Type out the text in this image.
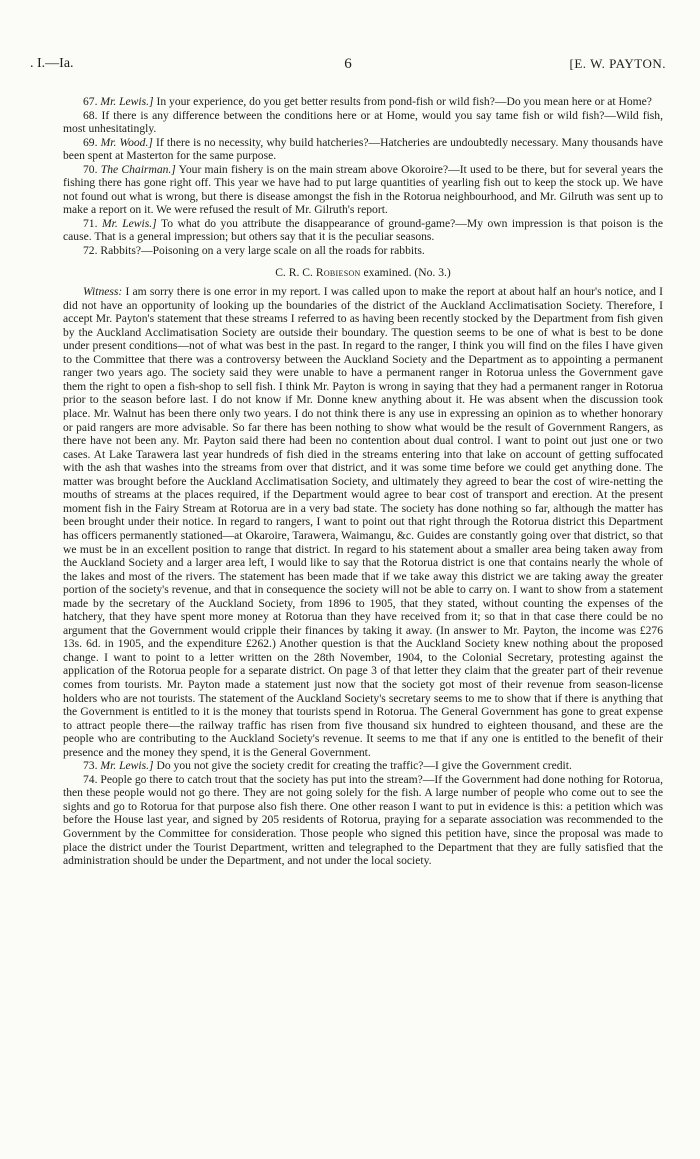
. I.—Ia.	6	[E. W. PAYTON.

67. Mr. Lewis.] In your experience, do you get better results from pond-fish or wild fish?—Do you mean here or at Home?

68. If there is any difference between the conditions here or at Home, would you say tame fish or wild fish?—Wild fish, most unhesitatingly.

69. Mr. Wood.] If there is no necessity, why build hatcheries?—Hatcheries are undoubtedly necessary. Many thousands have been spent at Masterton for the same purpose.

70. The Chairman.] Your main fishery is on the main stream above Okoroire?—It used to be there, but for several years the fishing there has gone right off. This year we have had to put large quantities of yearling fish out to keep the stock up. We have not found out what is wrong, but there is disease amongst the fish in the Rotorua neighbourhood, and Mr. Gilruth was sent up to make a report on it. We were refused the result of Mr. Gilruth's report.

71. Mr. Lewis.] To what do you attribute the disappearance of ground-game?—My own impression is that poison is the cause. That is a general impression; but others say that it is the peculiar seasons.

72. Rabbits?—Poisoning on a very large scale on all the roads for rabbits.

C. R. C. Robieson examined. (No. 3.)

Witness: I am sorry there is one error in my report. I was called upon to make the report at about half an hour's notice, and I did not have an opportunity of looking up the boundaries of the district of the Auckland Acclimatisation Society. Therefore, I accept Mr. Payton's statement that these streams I referred to as having been recently stocked by the Department from fish given by the Auckland Acclimatisation Society are outside their boundary. The question seems to be one of what is best to be done under present conditions—not of what was best in the past. In regard to the ranger, I think you will find on the files I have given to the Committee that there was a controversy between the Auckland Society and the Department as to appointing a permanent ranger two years ago. The society said they were unable to have a permanent ranger in Rotorua unless the Government gave them the right to open a fish-shop to sell fish. I think Mr. Payton is wrong in saying that they had a permanent ranger in Rotorua prior to the season before last. I do not know if Mr. Donne knew anything about it. He was absent when the discussion took place. Mr. Walnut has been there only two years. I do not think there is any use in expressing an opinion as to whether honorary or paid rangers are more advisable. So far there has been nothing to show what would be the result of Government Rangers, as there have not been any. Mr. Payton said there had been no contention about dual control. I want to point out just one or two cases. At Lake Tarawera last year hundreds of fish died in the streams entering into that lake on account of getting suffocated with the ash that washes into the streams from over that district, and it was some time before we could get anything done. The matter was brought before the Auckland Acclimatisation Society, and ultimately they agreed to bear the cost of wire-netting the mouths of streams at the places required, if the Department would agree to bear cost of transport and erection. At the present moment fish in the Fairy Stream at Rotorua are in a very bad state. The society has done nothing so far, although the matter has been brought under their notice. In regard to rangers, I want to point out that right through the Rotorua district this Department has officers permanently stationed—at Okaroire, Tarawera, Waimangu, &c. Guides are constantly going over that district, so that we must be in an excellent position to range that district. In regard to his statement about a smaller area being taken away from the Auckland Society and a larger area left, I would like to say that the Rotorua district is one that contains nearly the whole of the lakes and most of the rivers. The statement has been made that if we take away this district we are taking away the greater portion of the society's revenue, and that in consequence the society will not be able to carry on. I want to show from a statement made by the secretary of the Auckland Society, from 1896 to 1905, that they stated, without counting the expenses of the hatchery, that they have spent more money at Rotorua than they have received from it; so that in that case there could be no argument that the Government would cripple their finances by taking it away. (In answer to Mr. Payton, the income was £276 13s. 6d. in 1905, and the expenditure £262.) Another question is that the Auckland Society knew nothing about the proposed change. I want to point to a letter written on the 28th November, 1904, to the Colonial Secretary, protesting against the application of the Rotorua people for a separate district. On page 3 of that letter they claim that the greater part of their revenue comes from tourists. Mr. Payton made a statement just now that the society got most of their revenue from season-license holders who are not tourists. The statement of the Auckland Society's secretary seems to me to show that if there is anything that the Government is entitled to it is the money that tourists spend in Rotorua. The General Government has gone to great expense to attract people there—the railway traffic has risen from five thousand six hundred to eighteen thousand, and these are the people who are contributing to the Auckland Society's revenue. It seems to me that if any one is entitled to the benefit of their presence and the money they spend, it is the General Government.

73. Mr. Lewis.] Do you not give the society credit for creating the traffic?—I give the Government credit.

74. People go there to catch trout that the society has put into the stream?—If the Government had done nothing for Rotorua, then these people would not go there. They are not going solely for the fish. A large number of people who come out to see the sights and go to Rotorua for that purpose also fish there. One other reason I want to put in evidence is this: a petition which was before the House last year, and signed by 205 residents of Rotorua, praying for a separate association was recommended to the Government by the Committee for consideration. Those people who signed this petition have, since the proposal was made to place the district under the Tourist Department, written and telegraphed to the Department that they are fully satisfied that the administration should be under the Department, and not under the local society.
